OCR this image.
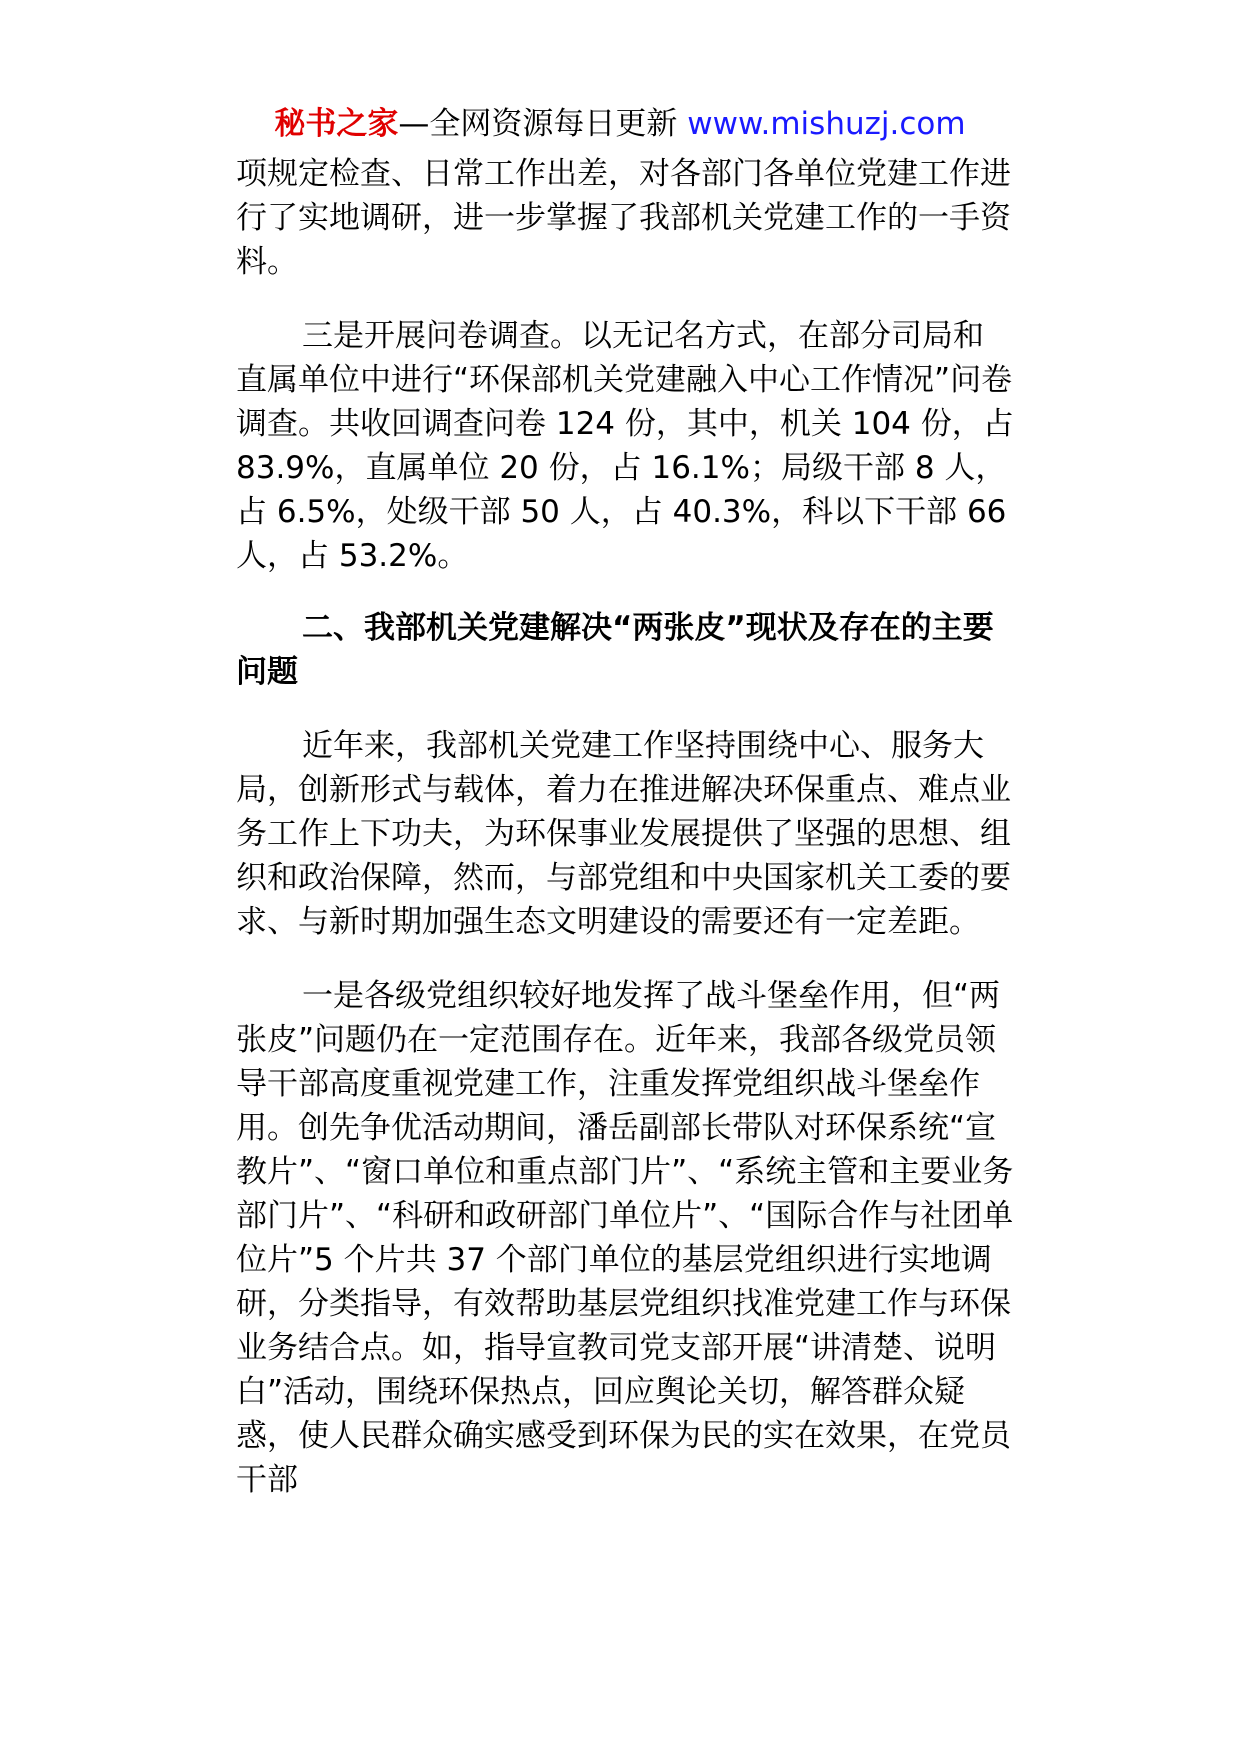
秘书之家—全网资源每日更新 www.mishuzj.com

项规定检查、日常工作出差，对各部门各单位党建工作进行了实地调研，进一步掌握了我部机关党建工作的一手资料。

三是开展问卷调查。以无记名方式，在部分司局和直属单位中进行“环保部机关党建融入中心工作情况”问卷调查。共收回调查问卷 124 份，其中，机关 104 份，占 83.9%，直属单位 20 份，占 16.1%；局级干部 8 人，占 6.5%，处级干部 50 人，占 40.3%，科以下干部 66 人，占 53.2%。

二、我部机关党建解决“两张皮”现状及存在的主要问题

近年来，我部机关党建工作坚持围绕中心、服务大局，创新形式与载体，着力在推进解决环保重点、难点业务工作上下功夫，为环保事业发展提供了坚强的思想、组织和政治保障，然而，与部党组和中央国家机关工委的要求、与新时期加强生态文明建设的需要还有一定差距。

一是各级党组织较好地发挥了战斗堡垒作用，但“两张皮”问题仍在一定范围存在。近年来，我部各级党员领导干部高度重视党建工作，注重发挥党组织战斗堡垒作用。创先争优活动期间，潘岳副部长带队对环保系统“宣教片”、“窗口单位和重点部门片”、“系统主管和主要业务部门片”、“科研和政研部门单位片”、“国际合作与社团单位片”5 个片共 37 个部门单位的基层党组织进行实地调研，分类指导，有效帮助基层党组织找准党建工作与环保业务结合点。如，指导宣教司党支部开展“讲清楚、说明白”活动，围绕环保热点，回应舆论关切，解答群众疑惑，使人民群众确实感受到环保为民的实在效果，在党员干部
